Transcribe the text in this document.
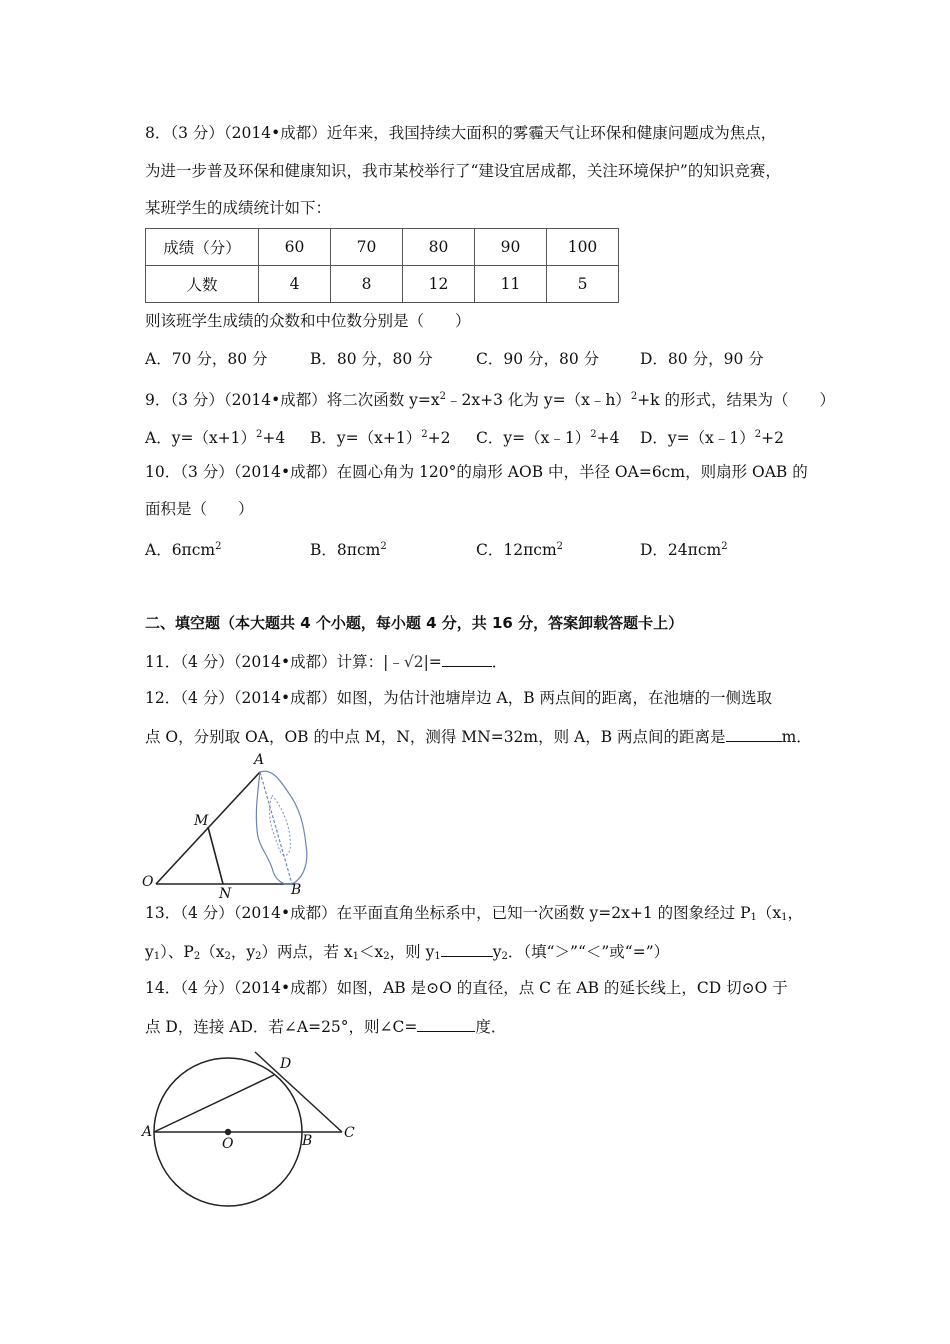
8．（3 分）（2014•成都）近年来，我国持续大面积的雾霾天气让环保和健康问题成为焦点，
为进一步普及环保和健康知识，我市某校举行了“建设宜居成都，关注环境保护”的知识竞赛，
某班学生的成绩统计如下：
成绩（分）	60	70	80	90	100
人数	4	8	12	11	5
则该班学生成绩的众数和中位数分别是（　　）
A．70 分，80 分	B．80 分，80 分	C．90 分，80 分	D．80 分，90 分
9．（3 分）（2014•成都）将二次函数 $y=x^2﹣2x+3$ 化为 y=（x﹣h）$^2$+k 的形式，结果为（　　）
A．$y=(x+1)^2+4$ B．$y=(x+1)^2+2$ C．y=（x﹣1）$^2$+4 D．y=（x﹣1）$^2$+2
10．（3 分）（2014•成都）在圆心角为 120°的扇形 AOB 中，半径 OA=6cm，则扇形 OAB 的
面积是（　　）
A．6πcm$^2$	B．8πcm$^2$	C．12πcm$^2$	D．24πcm$^2$
二、填空题（本大题共 4 个小题，每小题 4 分，共 16 分，答案卸载答题卡上）
11．（4 分）（2014•成都）计算：|﹣√2|=	．
12．（4 分）（2014•成都）如图，为估计池塘岸边 A，B 两点间的距离，在池塘的一侧选取
点 O，分别取 OA，OB 的中点 M，N，测得 MN=32m，则 A，B 两点间的距离是	m．
A
M
O
N	B
13．（4 分）（2014•成都）在平面直角坐标系中，已知一次函数 y=2x+1 的图象经过 $P_1(x_1$，
$y_1$）、$P_2(x_2$，$y_2$）两点，若 $x_1<x_2$，则 $y_1$	$y_2$．（填“＞”“＜”或“=”）
14．（4 分）（2014•成都）如图，AB 是⊙O 的直径，点 C 在 AB 的延长线上，CD 切⊙O 于
点 D，连接 AD．若∠A=25°，则∠C=	度．
A
O	B C
D
